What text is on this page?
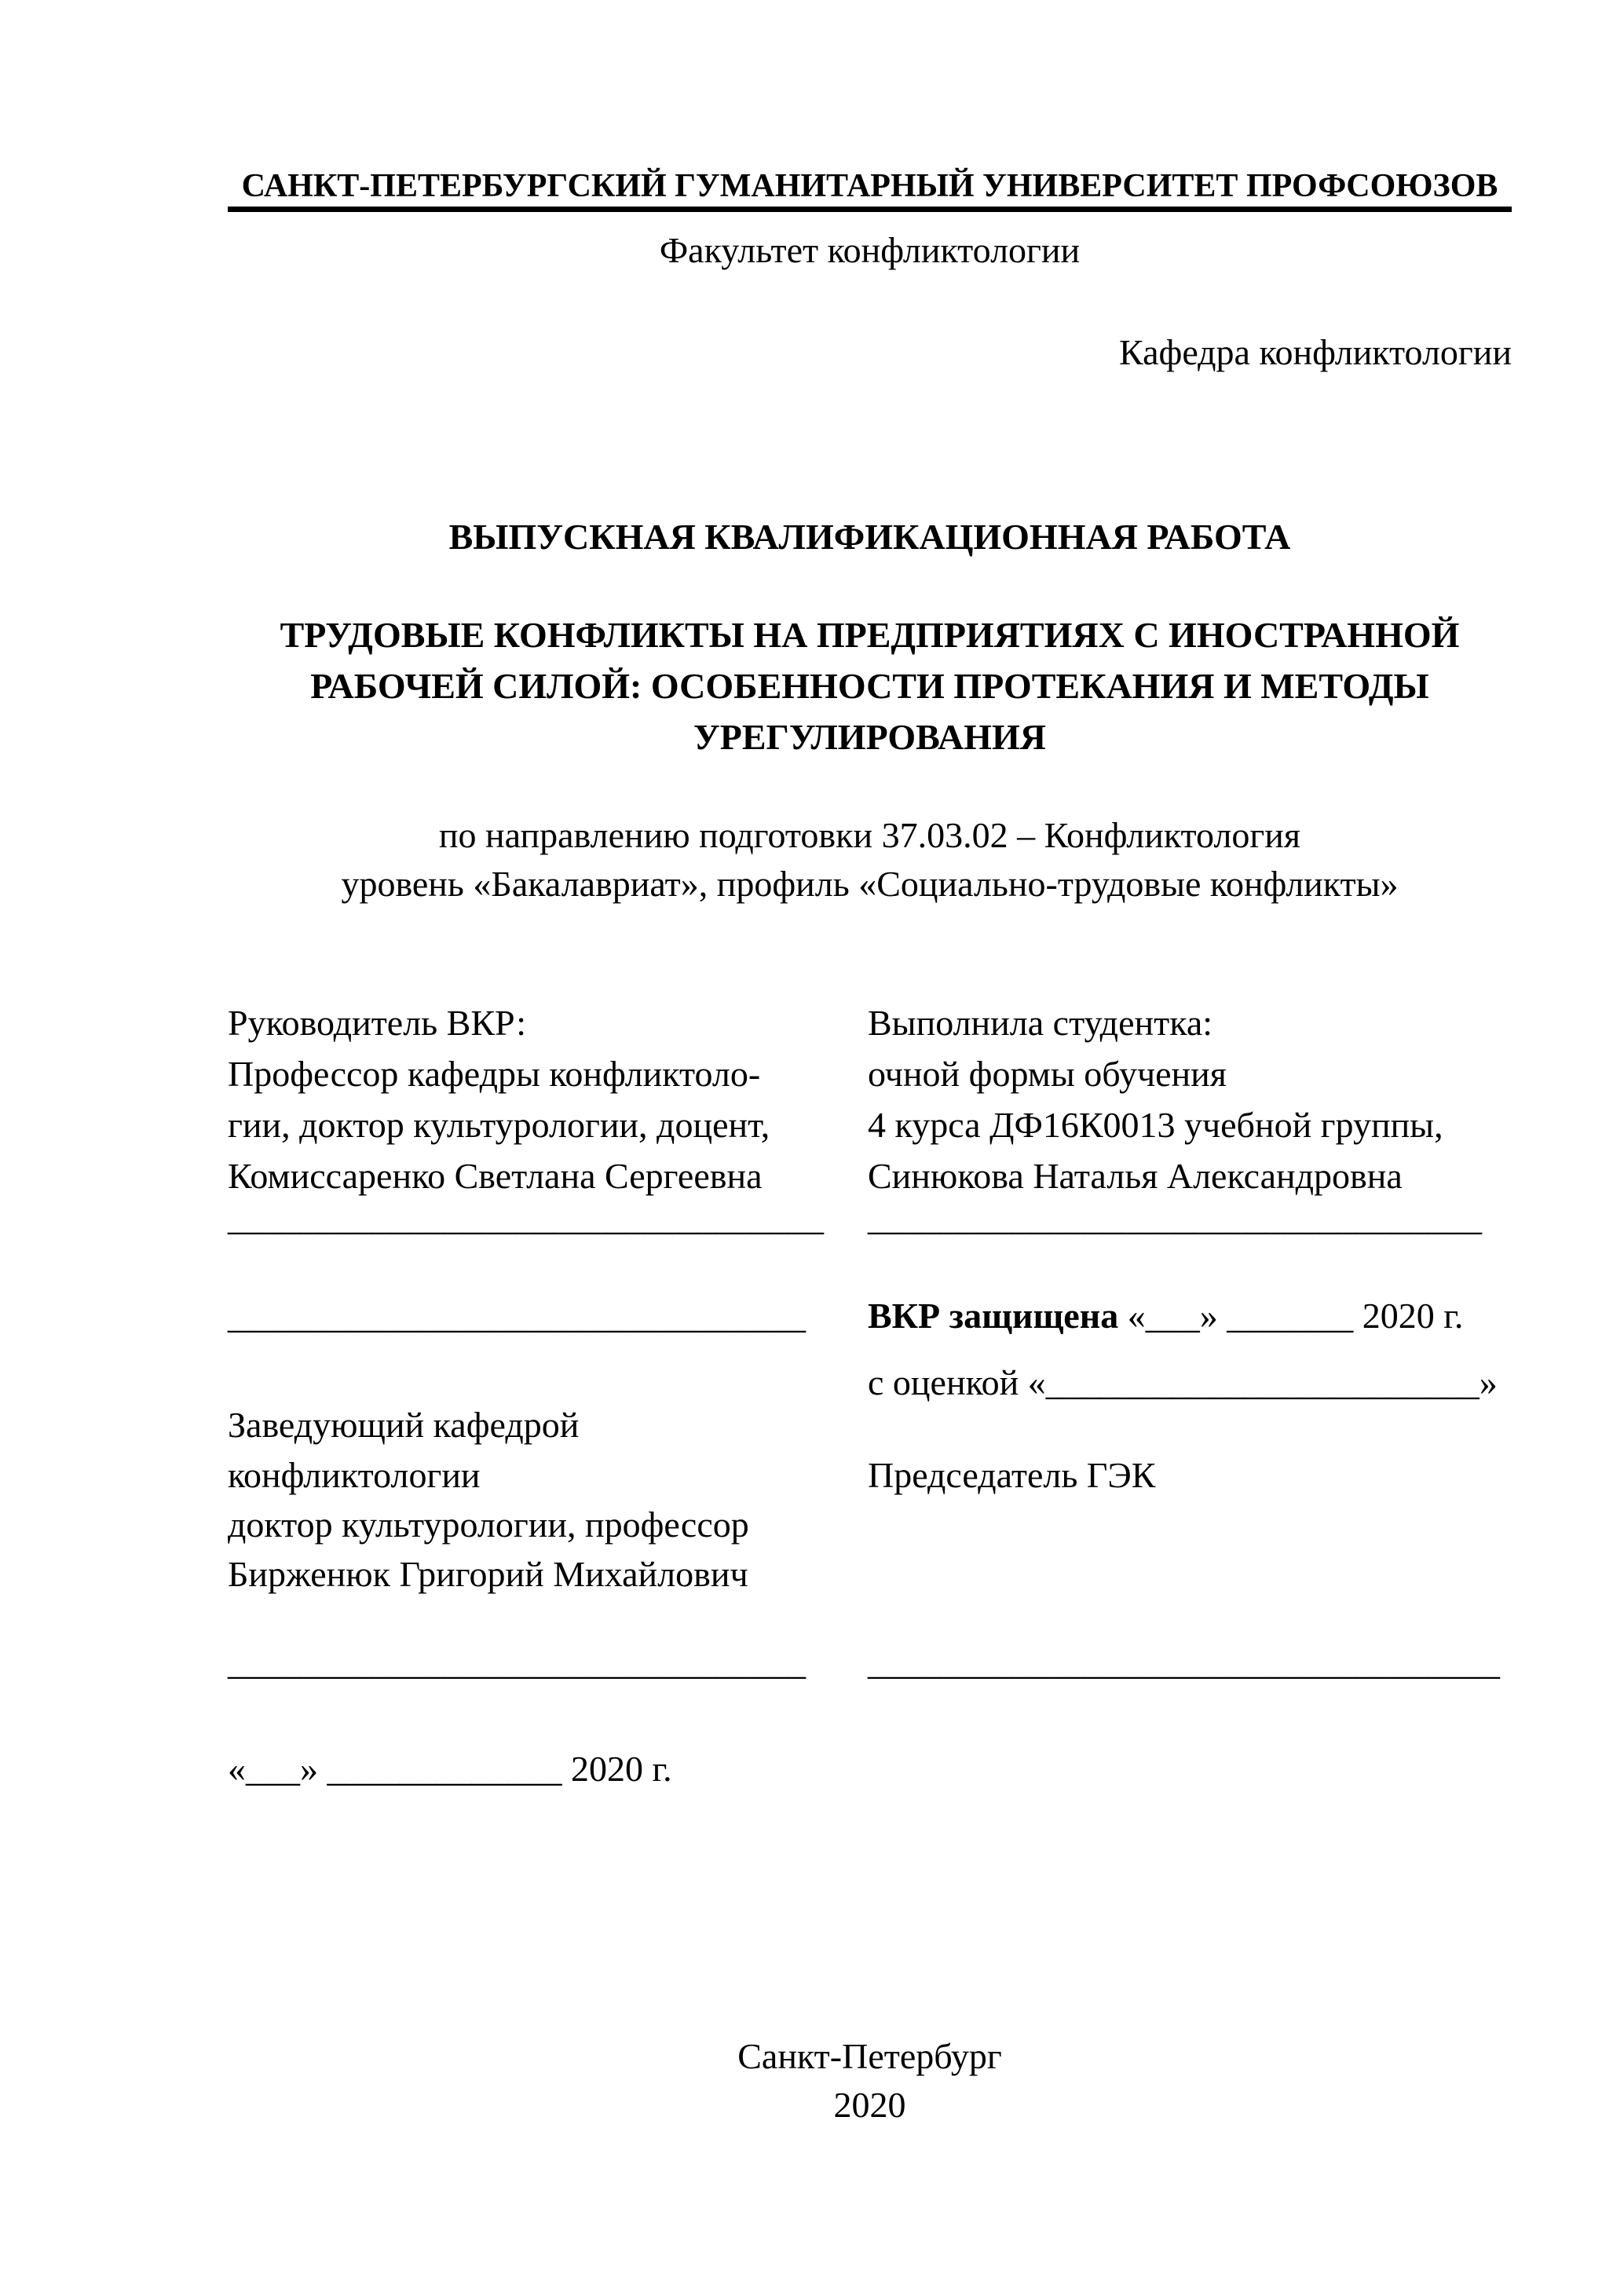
САНКТ-ПЕТЕРБУРГСКИЙ ГУМАНИТАРНЫЙ УНИВЕРСИТЕТ ПРОФСОЮЗОВ
Факультет конфликтологии
Кафедра конфликтологии
ВЫПУСКНАЯ КВАЛИФИКАЦИОННАЯ РАБОТА
ТРУДОВЫЕ КОНФЛИКТЫ НА ПРЕДПРИЯТИЯХ С ИНОСТРАННОЙ
РАБОЧЕЙ СИЛОЙ: ОСОБЕННОСТИ ПРОТЕКАНИЯ И МЕТОДЫ
УРЕГУЛИРОВАНИЯ
по направлению подготовки 37.03.02 – Конфликтология
уровень «Бакалавриат», профиль «Социально-трудовые конфликты»
Руководитель ВКР:	Выполнила студентка:
Профессор кафедры конфликтоло-	очной формы обучения
гии, доктор культурологии, доцент,	4 курса ДФ16К0013 учебной группы,
Комиссаренко Светлана Сергеевна	Синюкова Наталья Александровна
_________________________________ __________________________________
________________________________	ВКР защищена «___» _______ 2020 г.
с оценкой «________________________»
Заведующий кафедрой
конфликтологии	Председатель ГЭК
доктор культурологии, профессор
Бирженюк Григорий Михайлович
________________________________	___________________________________
«___» _____________ 2020 г.
Санкт-Петербург
2020
